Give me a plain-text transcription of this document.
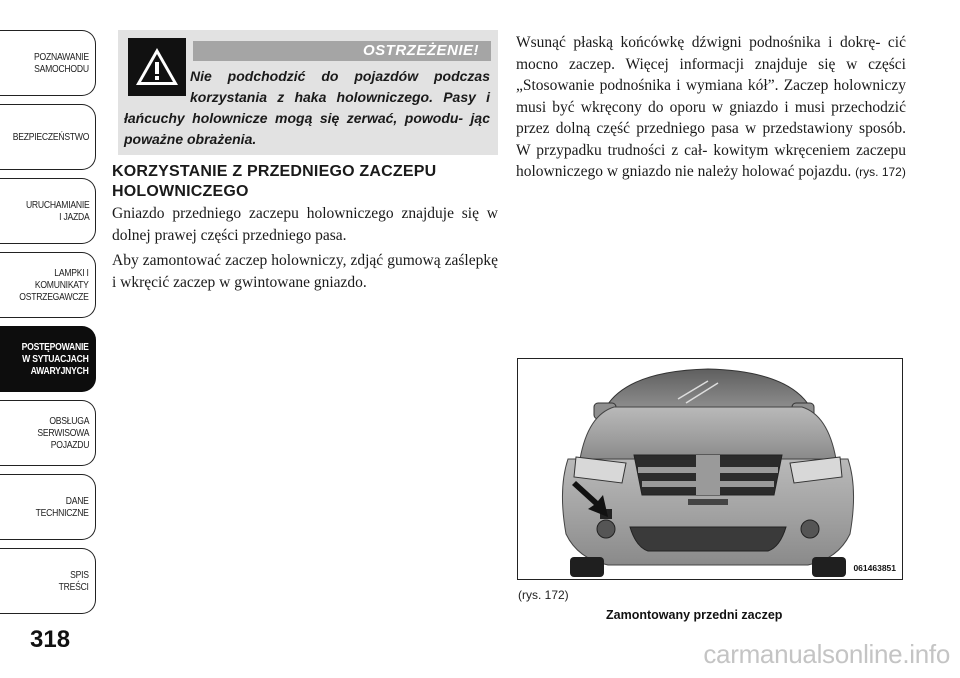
POZNAWANIE
SAMOCHODU
BEZPIECZEŃSTWO
URUCHAMIANIE
I JAZDA
LAMPKI I
KOMUNIKATY
OSTRZEGAWCZE
POSTĘPOWANIE
W SYTUACJACH
AWARYJNYCH
OBSŁUGA
SERWISOWA
POJAZDU
DANE
TECHNICZNE
SPIS
TREŚCI
318
OSTRZEŻENIE!
Nie podchodzić do pojazdów podczas korzystania z haka holowniczego. Pasy i łańcuchy holownicze mogą się zerwać, powodu- jąc poważne obrażenia.
KORZYSTANIE Z PRZEDNIEGO ZACZEPU HOLOWNICZEGO

Gniazdo przedniego zaczepu holowniczego znajduje się w dolnej prawej części przedniego pasa.

Aby zamontować zaczep holowniczy, zdjąć gumową zaślepkę i wkręcić zaczep w gwintowane gniazdo.

Wsunąć płaską końcówkę dźwigni podnośnika i dokrę- cić mocno zaczep. Więcej informacji znajduje się w części „Stosowanie podnośnika i wymiana kół”. Zaczep holowniczy musi być wkręcony do oporu w gniazdo i musi przechodzić przez dolną część przedniego pasa w przedstawiony sposób. W przypadku trudności z cał- kowitym wkręceniem zaczepu holowniczego w gniazdo nie należy holować pojazdu. (rys. 172)

061463851
(rys. 172)
Zamontowany przedni zaczep
carmanualsonline.info
